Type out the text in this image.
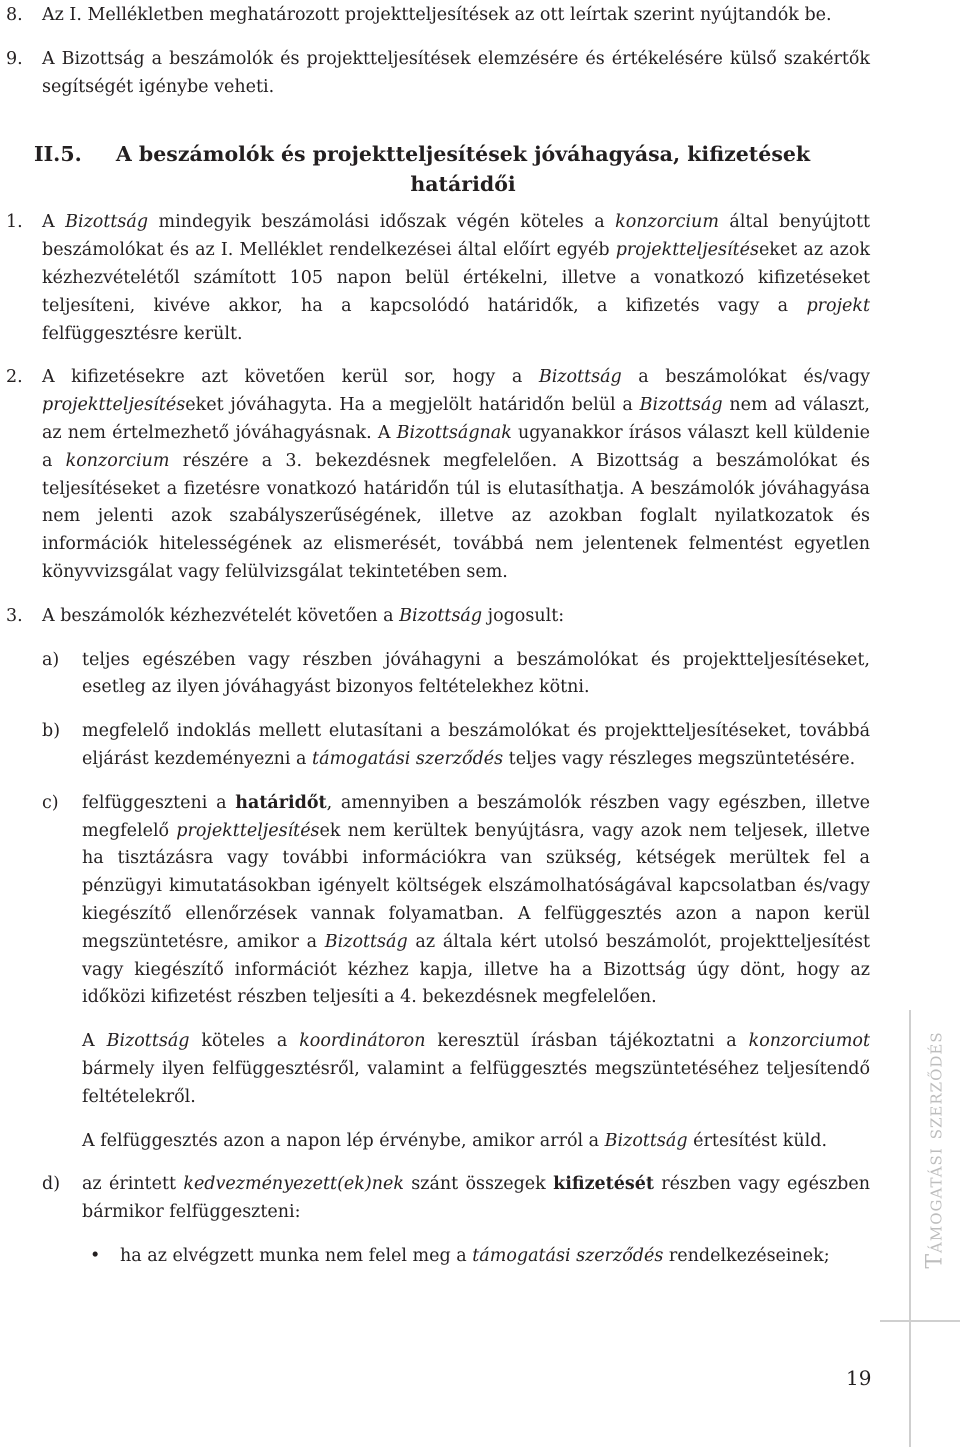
8.	Az I. Mellékletben meghatározott projektteljesítések az ott leírtak szerint nyújtandók be.
9.	A Bizottság a beszámolók és projektteljesítések elemzésére és értékelésére külső szakértők segítségét igénybe veheti.
II.5.	A beszámolók és projektteljesítések jóváhagyása, kifizetések határidői
1.	A Bizottság mindegyik beszámolási időszak végén köteles a konzorcium által benyújtott beszámolókat és az I. Melléklet rendelkezései által előírt egyéb projektteljesítéseket az azok kézhezvételétől számított 105 napon belül értékelni, illetve a vonatkozó kifizetéseket teljesíteni, kivéve akkor, ha a kapcsolódó határidők, a kifizetés vagy a projekt felfüggesztésre került.
2.	A kifizetésekre azt követően kerül sor, hogy a Bizottság a beszámolókat és/vagy projektteljesítéseket jóváhagyta. Ha a megjelölt határidőn belül a Bizottság nem ad választ, az nem értelmezhető jóváhagyásnak. A Bizottságnak ugyanakkor írásos választ kell küldenie a konzorcium részére a 3. bekezdésnek megfelelően. A Bizottság a beszámolókat és teljesítéseket a fizetésre vonatkozó határidőn túl is elutasíthatja. A beszámolók jóváhagyása nem jelenti azok szabályszerűségének, illetve az azokban foglalt nyilatkozatok és információk hitelességének az elismerését, továbbá nem jelentenek felmentést egyetlen könyvvizsgálat vagy felülvizsgálat tekintetében sem.
3.	A beszámolók kézhezvételét követően a Bizottság jogosult:
a)	teljes egészében vagy részben jóváhagyni a beszámolókat és projektteljesítéseket, esetleg az ilyen jóváhagyást bizonyos feltételekhez kötni.
b)	megfelelő indoklás mellett elutasítani a beszámolókat és projektteljesítéseket, továbbá eljárást kezdeményezni a támogatási szerződés teljes vagy részleges megszüntetésére.
c)	felfüggeszteni a határidőt, amennyiben a beszámolók részben vagy egészben, illetve megfelelő projektteljesítések nem kerültek benyújtásra, vagy azok nem teljesek, illetve ha tisztázásra vagy további információkra van szükség, kétségek merültek fel a pénzügyi kimutatásokban igényelt költségek elszámolhatóságával kapcsolatban és/vagy kiegészítő ellenőrzések vannak folyamatban. A felfüggesztés azon a napon kerül megszüntetésre, amikor a Bizottság az általa kért utolsó beszámolót, projektteljesítést vagy kiegészítő információt kézhez kapja, illetve ha a Bizottság úgy dönt, hogy az időközi kifizetést részben teljesíti a 4. bekezdésnek megfelelően.
A Bizottság köteles a koordinátoron keresztül írásban tájékoztatni a konzorciumot bármely ilyen felfüggesztésről, valamint a felfüggesztés megszüntetéséhez teljesítendő feltételekről.
A felfüggesztés azon a napon lép érvénybe, amikor arról a Bizottság értesítést küld.
d)	az érintett kedvezményezett(ek)nek szánt összegek kifizetését részben vagy egészben bármikor felfüggeszteni:
•	ha az elvégzett munka nem felel meg a támogatási szerződés rendelkezéseinek;	Támogatási szerződés
19
